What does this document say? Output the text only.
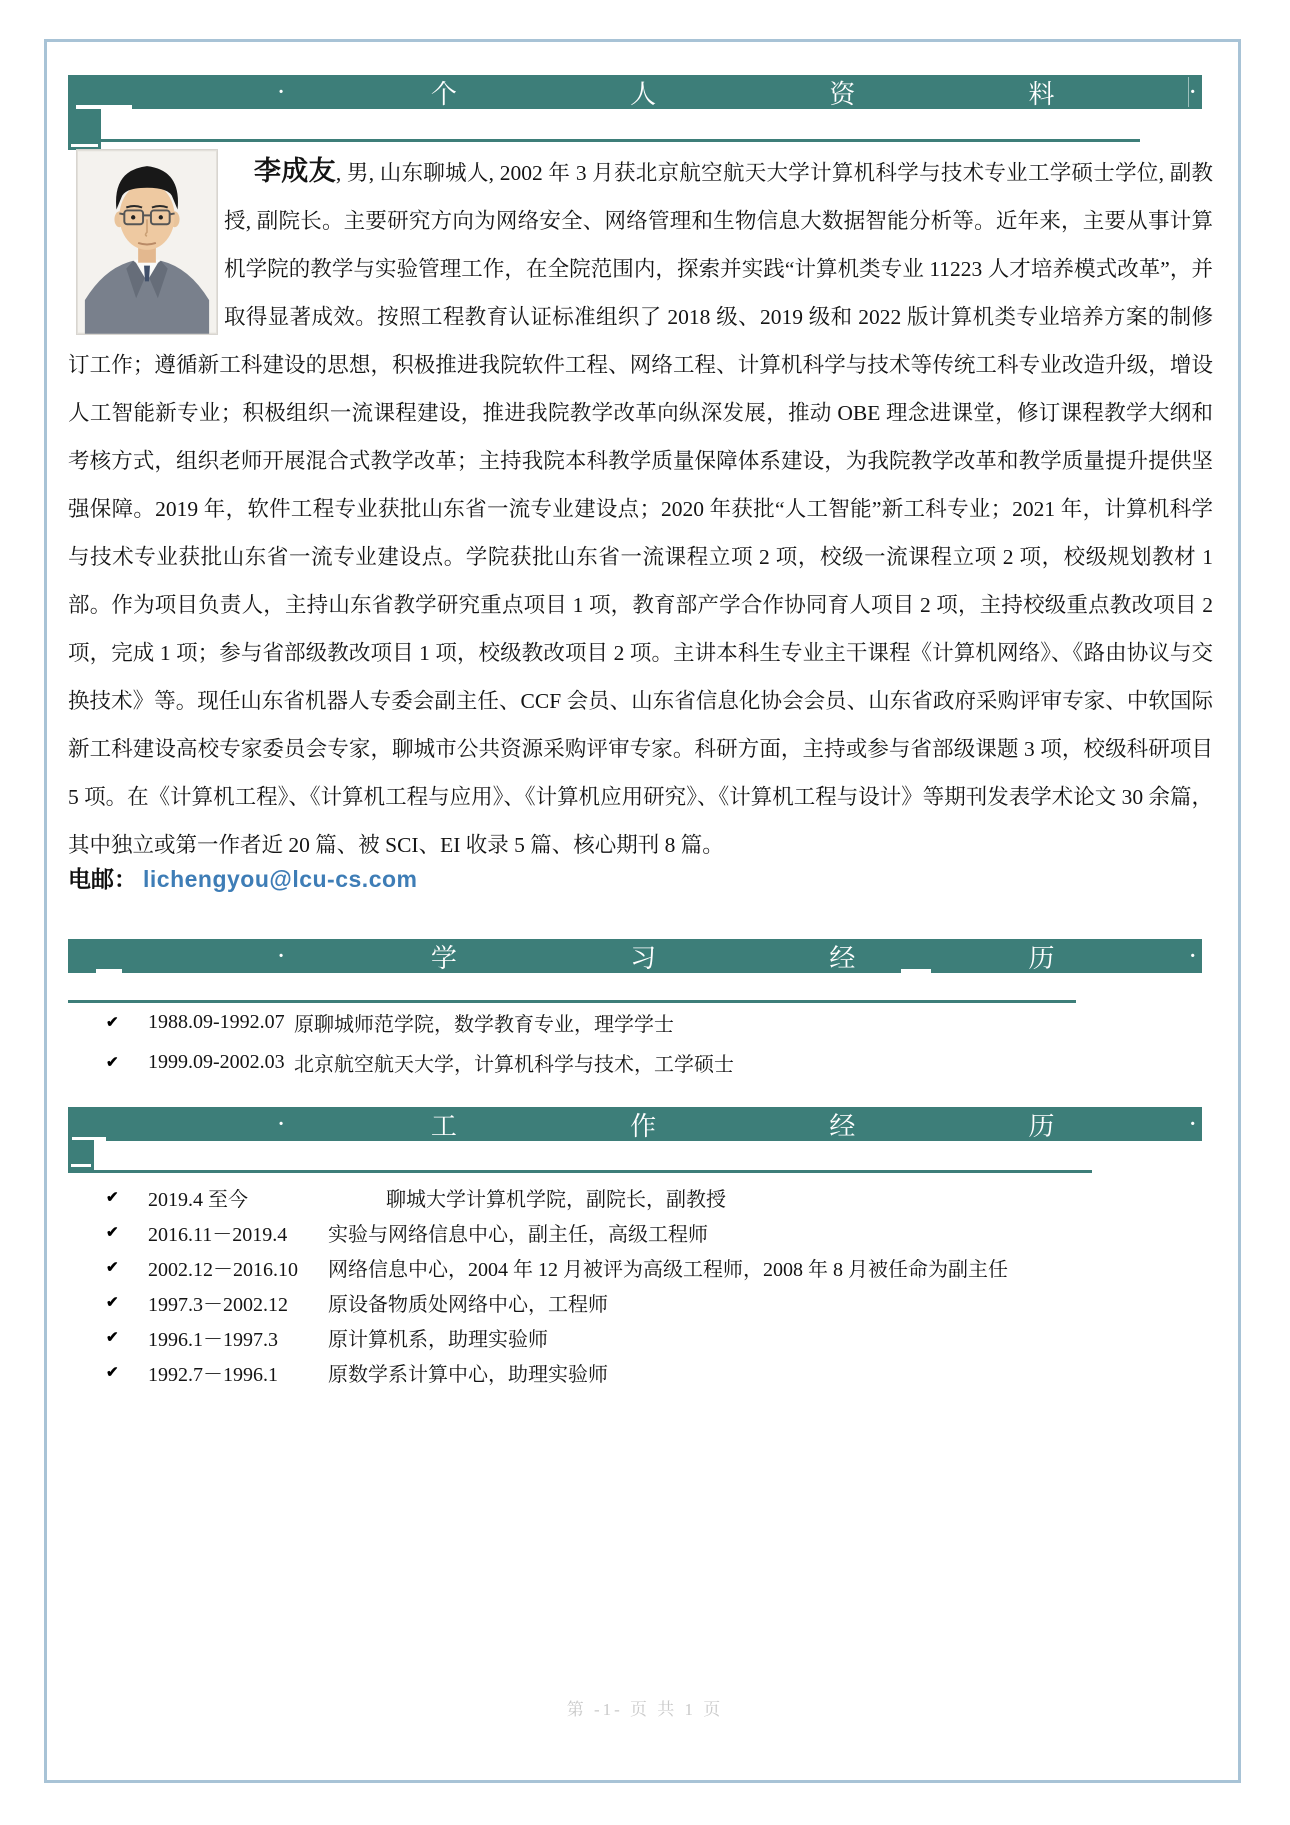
·	个	人	资	料	·

李成友, 男, 山东聊城人, 2002 年 3 月获北京航空航天大学计算机科学与技术专业工学硕士学位, 副教授, 副院长。主要研究方向为网络安全、网络管理和生物信息大数据智能分析等。近年来，主要从事计算机学院的教学与实验管理工作，在全院范围内，探索并实践“计算机类专业 11223 人才培养模式改革”，并取得显著成效。按照工程教育认证标准组织了 2018 级、2019 级和 2022 版计算机类专业培养方案的制修订工作；遵循新工科建设的思想，积极推进我院软件工程、网络工程、计算机科学与技术等传统工科专业改造升级，增设人工智能新专业；积极组织一流课程建设，推进我院教学改革向纵深发展，推动 OBE 理念进课堂，修订课程教学大纲和考核方式，组织老师开展混合式教学改革；主持我院本科教学质量保障体系建设，为我院教学改革和教学质量提升提供坚强保障。2019 年，软件工程专业获批山东省一流专业建设点；2020 年获批“人工智能”新工科专业；2021 年，计算机科学与技术专业获批山东省一流专业建设点。学院获批山东省一流课程立项 2 项，校级一流课程立项 2 项，校级规划教材 1 部。作为项目负责人，主持山东省教学研究重点项目 1 项，教育部产学合作协同育人项目 2 项，主持校级重点教改项目 2 项，完成 1 项；参与省部级教改项目 1 项，校级教改项目 2 项。主讲本科生专业主干课程《计算机网络》、《路由协议与交换技术》等。现任山东省机器人专委会副主任、CCF 会员、山东省信息化协会会员、山东省政府采购评审专家、中软国际新工科建设高校专家委员会专家，聊城市公共资源采购评审专家。科研方面，主持或参与省部级课题 3 项，校级科研项目 5 项。在《计算机工程》、《计算机工程与应用》、《计算机应用研究》、《计算机工程与设计》等期刊发表学术论文 30 余篇，其中独立或第一作者近 20 篇、被 SCI、EI 收录 5 篇、核心期刊 8 篇。

电邮： lichengyou@lcu-cs.com
·	学	习	经	历	·
✔	1988.09-1992.07 原聊城师范学院，数学教育专业，理学学士
✔	1999.09-2002.03 北京航空航天大学，计算机科学与技术，工学硕士
·	工	作	经	历	·
✔	2019.4 至今	聊城大学计算机学院，副院长，副教授
✔	2016.11－2019.4	实验与网络信息中心，副主任，高级工程师
✔	2002.12－2016.10	网络信息中心，2004 年 12 月被评为高级工程师，2008 年 8 月被任命为副主任
✔	1997.3－2002.12	原设备物质处网络中心，工程师
✔	1996.1－1997.3	原计算机系，助理实验师
✔	1992.7－1996.1	原数学系计算中心，助理实验师
第 -1- 页 共 1 页
